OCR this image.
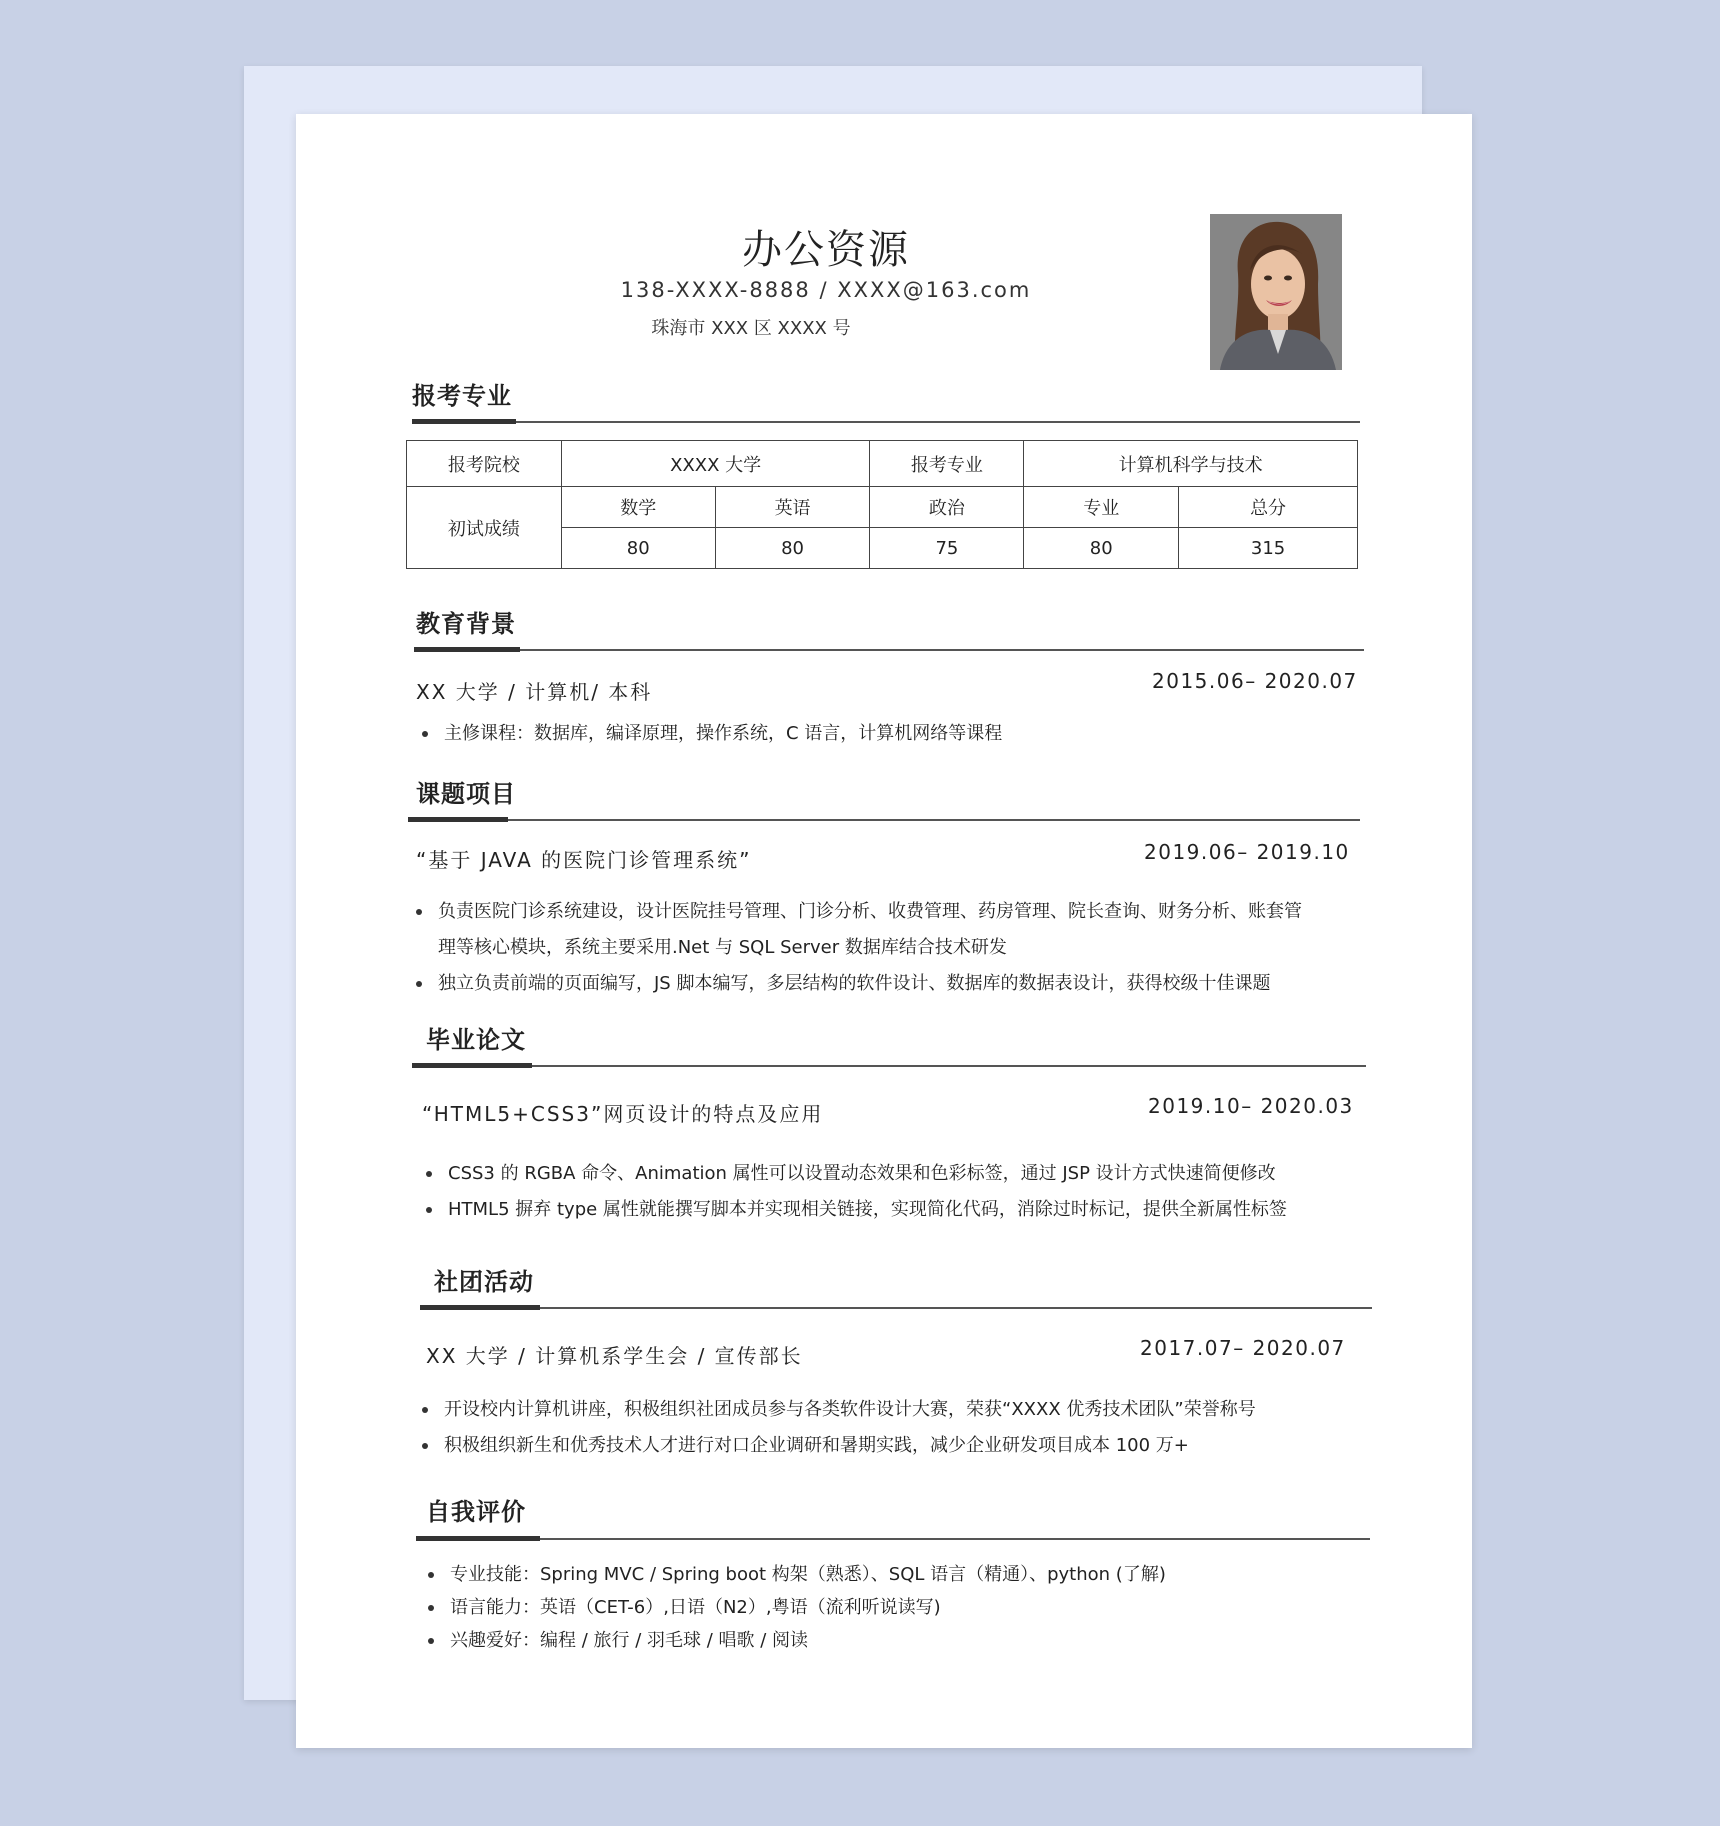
办公资源
138-XXXX-8888 / XXXX@163.com
珠海市 XXX 区 XXXX 号
报考专业
报考院校	XXXX 大学		报考专业	计算机科学与技术	
初试成绩	数学	英语	政治	专业	总分
	80	80	75	80	315
教育背景
XX 大学 / 计算机/ 本科	2015.06– 2020.07
主修课程：数据库，编译原理，操作系统，C 语言，计算机网络等课程
课题项目
“基于 JAVA 的医院门诊管理系统”	2019.06– 2019.10
负责医院门诊系统建设，设计医院挂号管理、门诊分析、收费管理、药房管理、院长查询、财务分析、账套管
理等核心模块，系统主要采用.Net 与 SQL Server 数据库结合技术研发
独立负责前端的页面编写，JS 脚本编写，多层结构的软件设计、数据库的数据表设计，获得校级十佳课题
毕业论文
“HTML5+CSS3”网页设计的特点及应用	2019.10– 2020.03
CSS3 的 RGBA 命令、Animation 属性可以设置动态效果和色彩标签，通过 JSP 设计方式快速简便修改
HTML5 摒弃 type 属性就能撰写脚本并实现相关链接，实现简化代码，消除过时标记，提供全新属性标签
社团活动
XX 大学 / 计算机系学生会 / 宣传部长	2017.07– 2020.07
开设校内计算机讲座，积极组织社团成员参与各类软件设计大赛，荣获“XXXX 优秀技术团队”荣誉称号
积极组织新生和优秀技术人才进行对口企业调研和暑期实践，减少企业研发项目成本 100 万+
自我评价
专业技能：Spring MVC / Spring boot 构架（熟悉）、SQL 语言（精通）、python (了解)
语言能力：英语（CET-6）,日语（N2）,粤语（流利听说读写)
兴趣爱好：编程 / 旅行 / 羽毛球 / 唱歌 / 阅读
